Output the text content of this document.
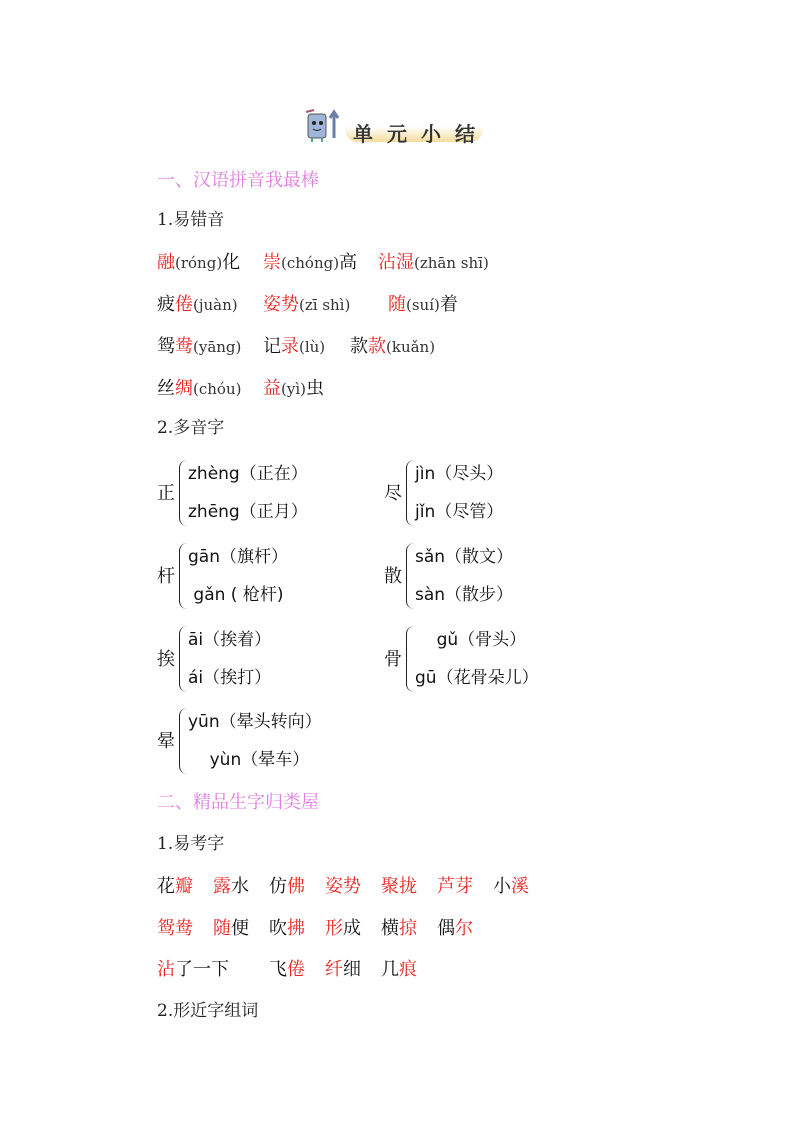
单 元 小 结
一、汉语拼音我最棒
1.易错音
2.多音字
二、精品生字归类屋
1.易考字
2.形近字组词
融(róng)化 崇(chóng)高 沾湿(zhān shī)
疲倦(juàn) 姿势(zī shì) 随(suí)着
鸳鸯(yāng) 记录(lù) 款款(kuǎn)
丝绸(chóu) 益(yì)虫
花瓣 露水 仿佛 姿势 聚拢 芦芽 小溪
鸳鸯 随便 吹拂 形成 横掠 偶尔
沾了一下 飞倦 纤细 几痕
正
zhèng（正在）
zhēng（正月）
尽
jìn（尽头）
jǐn（尽管）
杆
gān（旗杆）
gǎn ( 枪杆)
散
sǎn（散文）
sàn（散步）
挨
āi（挨着）
ái（挨打）
骨
gǔ（骨头）
gū（花骨朵儿）
晕
yūn（晕头转向）
yùn（晕车）
